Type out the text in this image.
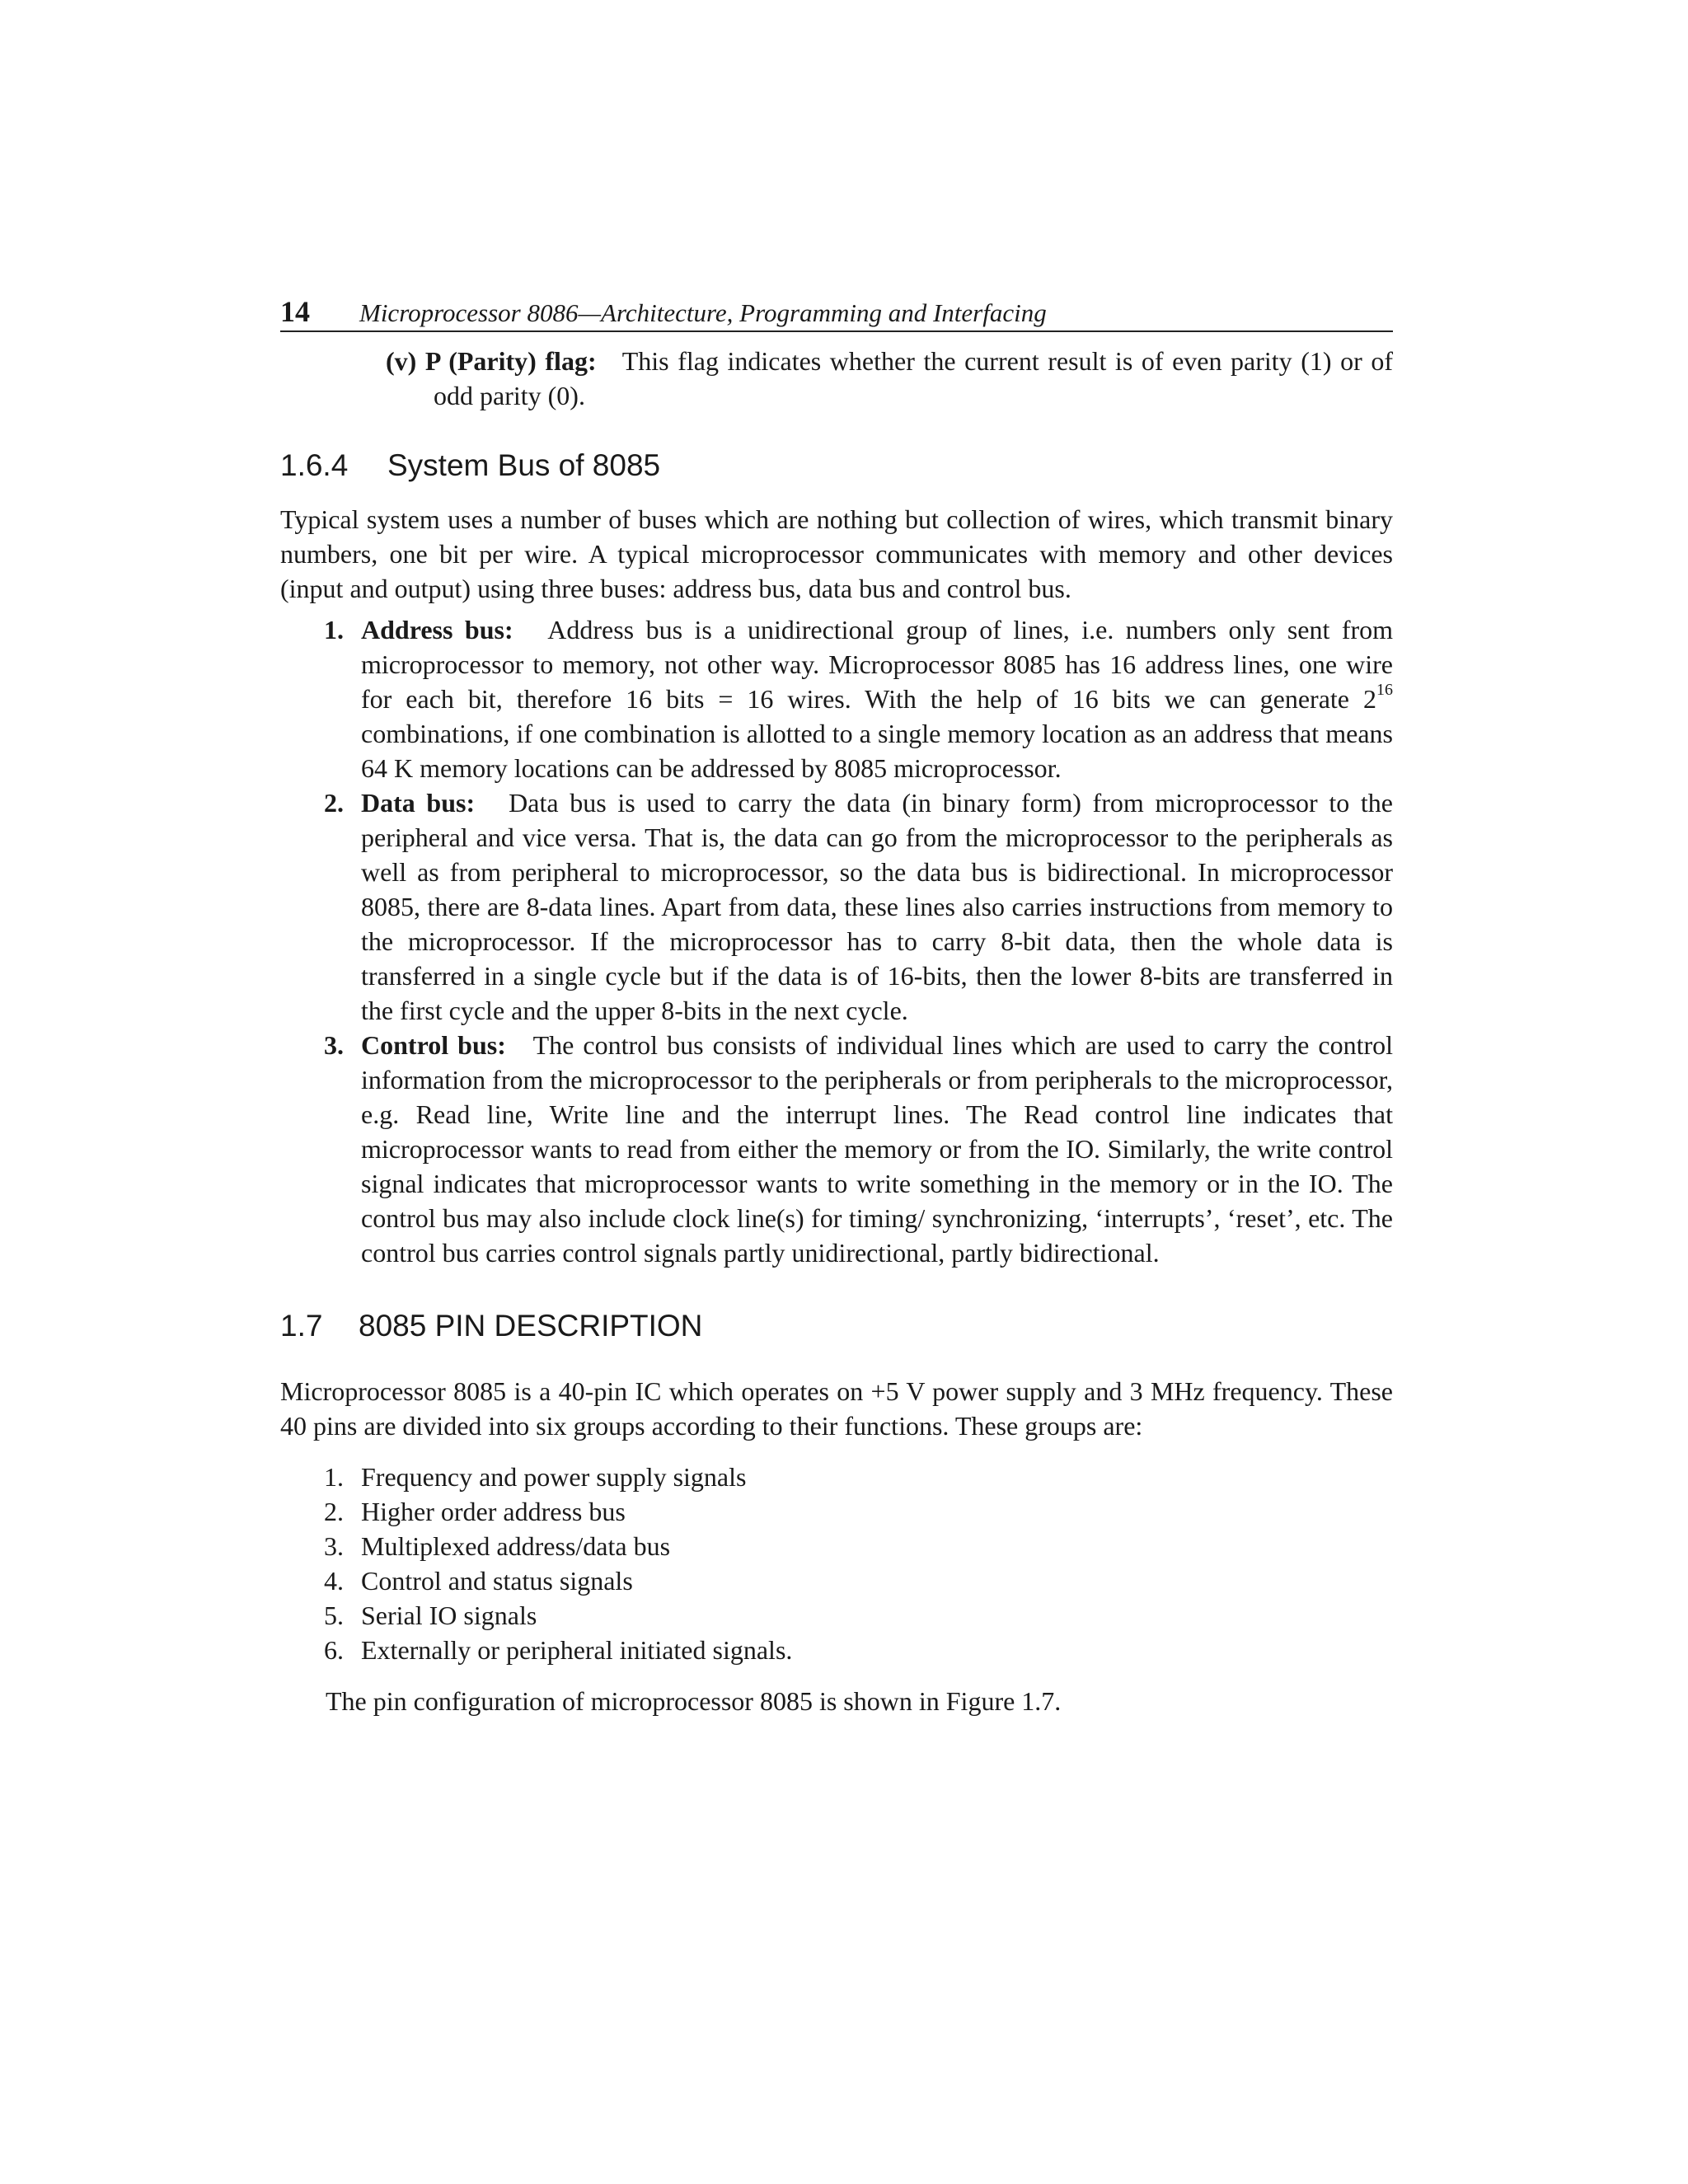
14 Microprocessor 8086—Architecture, Programming and Interfacing
(v) P (Parity) flag: This flag indicates whether the current result is of even parity (1) or of odd parity (0).
1.6.4 System Bus of 8085
Typical system uses a number of buses which are nothing but collection of wires, which transmit binary numbers, one bit per wire. A typical microprocessor communicates with memory and other devices (input and output) using three buses: address bus, data bus and control bus.
1. Address bus: Address bus is a unidirectional group of lines, i.e. numbers only sent from microprocessor to memory, not other way. Microprocessor 8085 has 16 address lines, one wire for each bit, therefore 16 bits = 16 wires. With the help of 16 bits we can generate $2^{16}$ combinations, if one combination is allotted to a single memory location as an address that means 64 K memory locations can be addressed by 8085 microprocessor.
2. Data bus: Data bus is used to carry the data (in binary form) from microprocessor to the peripheral and vice versa. That is, the data can go from the microprocessor to the peripherals as well as from peripheral to microprocessor, so the data bus is bidirectional. In microprocessor 8085, there are 8-data lines. Apart from data, these lines also carries instructions from memory to the microprocessor. If the microprocessor has to carry 8-bit data, then the whole data is transferred in a single cycle but if the data is of 16-bits, then the lower 8-bits are transferred in the first cycle and the upper 8-bits in the next cycle.
3. Control bus: The control bus consists of individual lines which are used to carry the control information from the microprocessor to the peripherals or from peripherals to the microprocessor, e.g. Read line, Write line and the interrupt lines. The Read control line indicates that microprocessor wants to read from either the memory or from the IO. Similarly, the write control signal indicates that microprocessor wants to write something in the memory or in the IO. The control bus may also include clock line(s) for timing/ synchronizing, ‘interrupts’, ‘reset’, etc. The control bus carries control signals partly unidirectional, partly bidirectional.
1.7 8085 PIN DESCRIPTION
Microprocessor 8085 is a 40-pin IC which operates on +5 V power supply and 3 MHz frequency. These 40 pins are divided into six groups according to their functions. These groups are:
1. Frequency and power supply signals
2. Higher order address bus
3. Multiplexed address/data bus
4. Control and status signals
5. Serial IO signals
6. Externally or peripheral initiated signals.
The pin configuration of microprocessor 8085 is shown in Figure 1.7.
